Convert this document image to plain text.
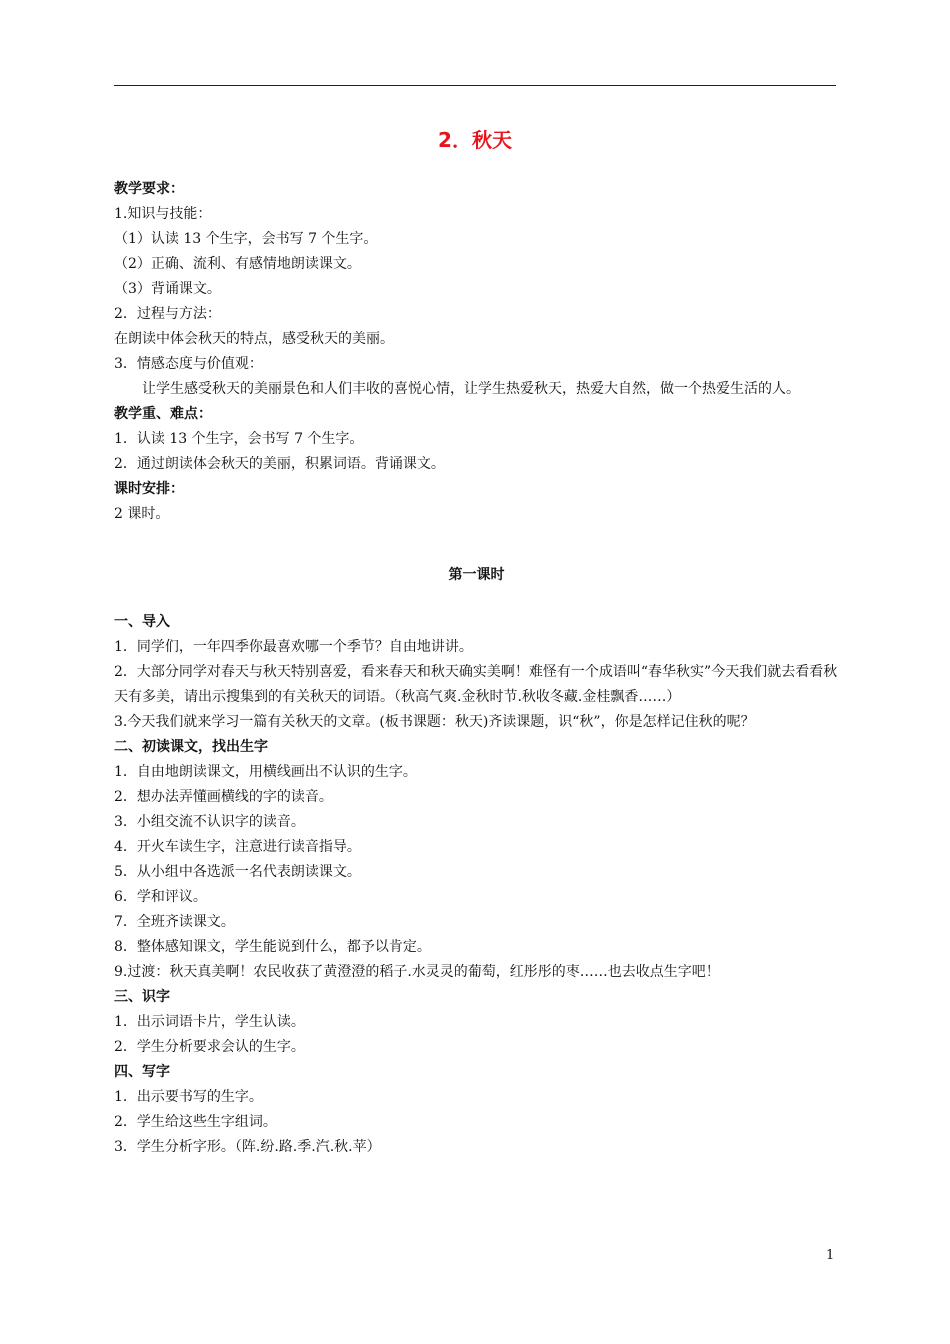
2．秋天

教学要求：

1.知识与技能：

（1）认读 13 个生字，会书写 7 个生字。

（2）正确、流利、有感情地朗读课文。

（3）背诵课文。

2．过程与方法：

在朗读中体会秋天的特点，感受秋天的美丽。

3．情感态度与价值观：

让学生感受秋天的美丽景色和人们丰收的喜悦心情，让学生热爱秋天，热爱大自然，做一个热爱生活的人。

教学重、难点：

1．认读 13 个生字，会书写 7 个生字。

2．通过朗读体会秋天的美丽，积累词语。背诵课文。

课时安排：

2 课时。

第一课时

一、导入

1．同学们，一年四季你最喜欢哪一个季节？自由地讲讲。

2．大部分同学对春天与秋天特别喜爱，看来春天和秋天确实美啊！难怪有一个成语叫“春华秋实”今天我们就去看看秋天有多美，请出示搜集到的有关秋天的词语。（秋高气爽.金秋时节.秋收冬藏.金桂飘香……）

3.今天我们就来学习一篇有关秋天的文章。(板书课题：秋天)齐读课题，识“秋”，你是怎样记住秋的呢？

二、初读课文，找出生字

1．自由地朗读课文，用横线画出不认识的生字。

2．想办法弄懂画横线的字的读音。

3．小组交流不认识字的读音。

4．开火车读生字，注意进行读音指导。

5．从小组中各选派一名代表朗读课文。

6．学和评议。

7．全班齐读课文。

8．整体感知课文，学生能说到什么，都予以肯定。

9.过渡：秋天真美啊！农民收获了黄澄澄的稻子.水灵灵的葡萄，红彤彤的枣……也去收点生字吧！

三、识字

1．出示词语卡片，学生认读。

2．学生分析要求会认的生字。

四、写字

1．出示要书写的生字。

2．学生给这些生字组词。

3．学生分析字形。（阵.纷.路.季.汽.秋.苹）

1
